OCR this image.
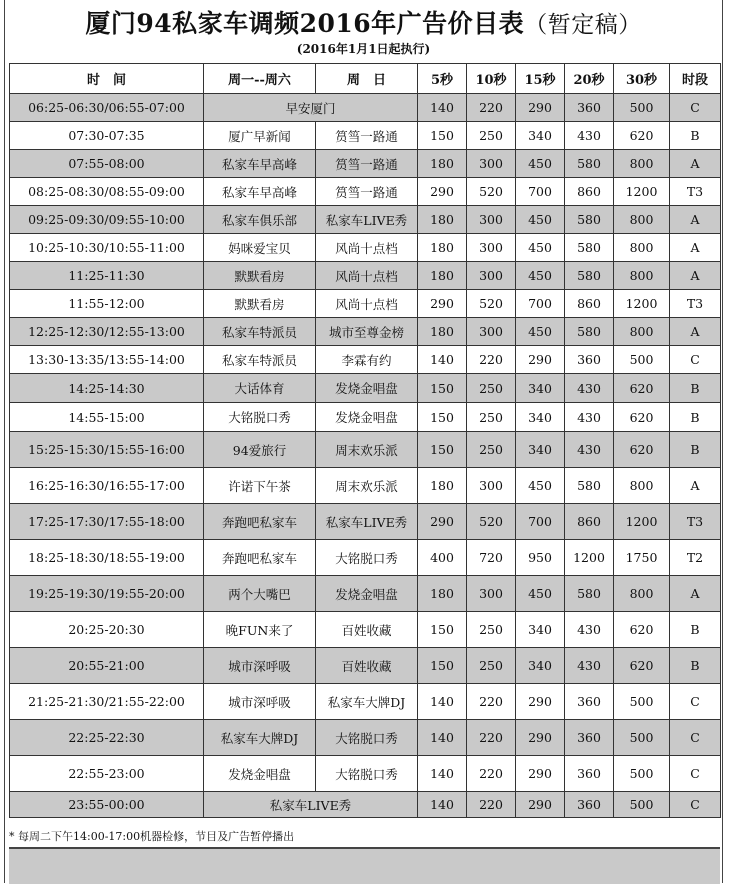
厦门94私家车调频2016年广告价目表（暂定稿）
(2016年1月1日起执行)
时　间	周一--周六	周　日	5秒	10秒	15秒	20秒	30秒	时段
06:25-06:30/06:55-07:00	早安厦门		140	220	290	360	500	C
07:30-07:35	厦广早新闻	筼筜一路通	150	250	340	430	620	B
07:55-08:00	私家车早高峰	筼筜一路通	180	300	450	580	800	A
08:25-08:30/08:55-09:00	私家车早高峰	筼筜一路通	290	520	700	860	1200	T3
09:25-09:30/09:55-10:00	私家车俱乐部	私家车LIVE秀	180	300	450	580	800	A
10:25-10:30/10:55-11:00	妈咪爱宝贝	风尚十点档	180	300	450	580	800	A
11:25-11:30	默默看房	风尚十点档	180	300	450	580	800	A
11:55-12:00	默默看房	风尚十点档	290	520	700	860	1200	T3
12:25-12:30/12:55-13:00	私家车特派员	城市至尊金榜	180	300	450	580	800	A
13:30-13:35/13:55-14:00	私家车特派员	李霖有约	140	220	290	360	500	C
14:25-14:30	大话体育	发烧金唱盘	150	250	340	430	620	B
14:55-15:00	大铭脱口秀	发烧金唱盘	150	250	340	430	620	B
15:25-15:30/15:55-16:00	94爱旅行	周末欢乐派	150	250	340	430	620	B
16:25-16:30/16:55-17:00	许诺下午茶	周末欢乐派	180	300	450	580	800	A
17:25-17:30/17:55-18:00	奔跑吧私家车	私家车LIVE秀	290	520	700	860	1200	T3
18:25-18:30/18:55-19:00	奔跑吧私家车	大铭脱口秀	400	720	950	1200	1750	T2
19:25-19:30/19:55-20:00	两个大嘴巴	发烧金唱盘	180	300	450	580	800	A
20:25-20:30	晚FUN来了	百姓收藏	150	250	340	430	620	B
20:55-21:00	城市深呼吸	百姓收藏	150	250	340	430	620	B
21:25-21:30/21:55-22:00	城市深呼吸	私家车大牌DJ	140	220	290	360	500	C
22:25-22:30	私家车大牌DJ	大铭脱口秀	140	220	290	360	500	C
22:55-23:00	发烧金唱盘	大铭脱口秀	140	220	290	360	500	C
23:55-00:00	私家车LIVE秀		140	220	290	360	500	C
* 每周二下午14:00-17:00机器检修，节目及广告暂停播出
